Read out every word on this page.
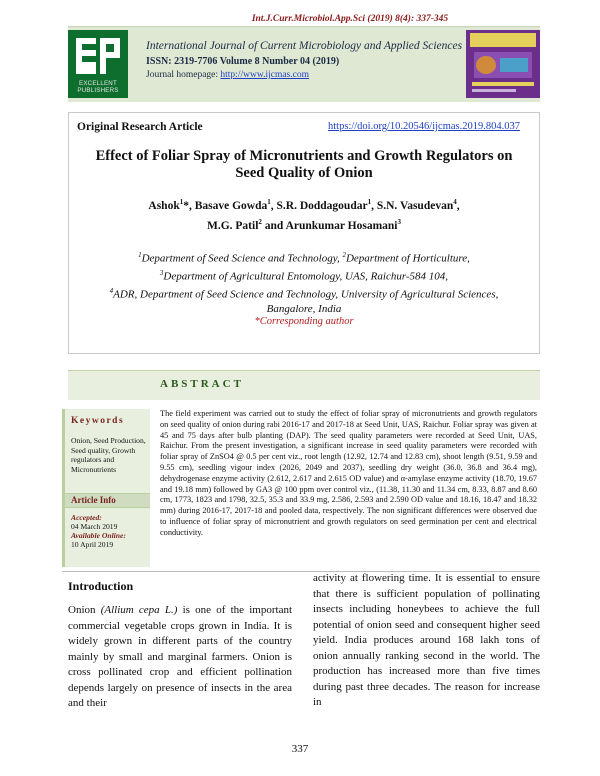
Int.J.Curr.Microbiol.App.Sci (2019) 8(4): 337-345
EXCELLENT
PUBLISHERS
International Journal of Current Microbiology and Applied Sciences
ISSN: 2319-7706 Volume 8 Number 04 (2019)
Journal homepage: http://www.ijcmas.com
Original Research Article	https://doi.org/10.20546/ijcmas.2019.804.037
Effect of Foliar Spray of Micronutrients and Growth Regulators on Seed Quality of Onion
Ashok$^1$*, Basave Gowda$^1$, S.R. Doddagoudar$^1$, S.N. Vasudevan$^4$,
M.G. Patil$^2$ and Arunkumar Hosamani$^3$
$^1$Department of Seed Science and Technology, $^2$Department of Horticulture,
$^3$Department of Agricultural Entomology, UAS, Raichur-584 104,
$^4$ADR, Department of Seed Science and Technology, University of Agricultural Sciences,
Bangalore, India
*Corresponding author
ABSTRACT
Keywords
Onion, Seed Production, Seed quality, Growth regulators and Micronutrients
Article Info
Accepted:
04 March 2019
Available Online:
10 April 2019
The field experiment was carried out to study the effect of foliar spray of micronutrients and growth regulators on seed quality of onion during rabi 2016-17 and 2017-18 at Seed Unit, UAS, Raichur. Foliar spray was given at 45 and 75 days after bulb planting (DAP). The seed quality parameters were recorded at Seed Unit, UAS, Raichur. From the present investigation, a significant increase in seed quality parameters were recorded with foliar spray of ZnSO4 @ 0.5 per cent viz., root length (12.92, 12.74 and 12.83 cm), shoot length (9.51, 9.59 and 9.55 cm), seedling vigour index (2026, 2049 and 2037), seedling dry weight (36.0, 36.8 and 36.4 mg), dehydrogenase enzyme activity (2.612, 2.617 and 2.615 OD value) and α-amylase enzyme activity (18.70, 19.67 and 19.18 mm) followed by GA3 @ 100 ppm over control viz., (11.38, 11.30 and 11.34 cm, 8.33, 8.87 and 8.60 cm, 1773, 1823 and 1798, 32.5, 35.3 and 33.9 mg, 2.586, 2.593 and 2.590 OD value and 18.16, 18.47 and 18.32 mm) during 2016-17, 2017-18 and pooled data, respectively. The non significant differences were observed due to influence of foliar spray of micronutrient and growth regulators on seed germination per cent and electrical conductivity.
Introduction
Onion (Allium cepa L.) is one of the important commercial vegetable crops grown in India. It is widely grown in different parts of the country mainly by small and marginal farmers. Onion is cross pollinated crop and efficient pollination depends largely on presence of insects in the area and their
activity at flowering time. It is essential to ensure that there is sufficient population of pollinating insects including honeybees to achieve the full potential of onion seed and consequent higher seed yield. India produces around 168 lakh tons of onion annually ranking second in the world. The production has increased more than five times during past three decades. The reason for increase in
337
